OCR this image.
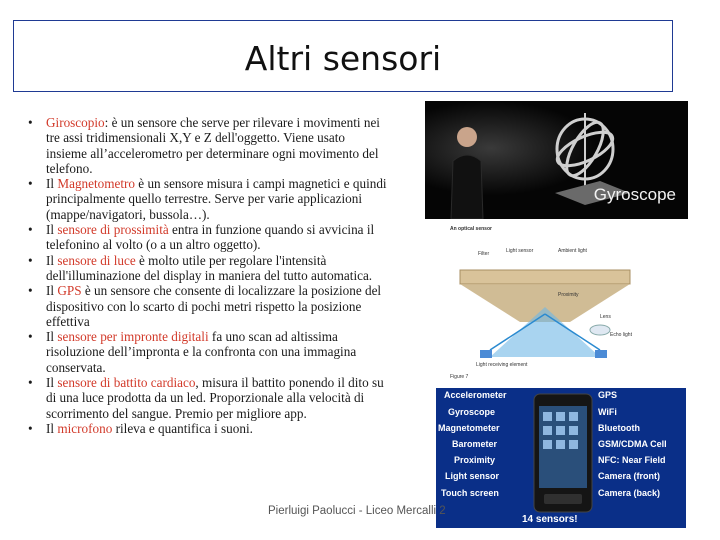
Altri sensori
• Giroscopio: è un sensore che serve per rilevare i movimenti nei tre assi tridimensionali X,Y e Z dell'oggetto. Viene usato insieme all’accelerometro per determinare ogni movimento del telefono.
• Il Magnetometro è un sensore misura i campi magnetici e quindi principalmente quello terrestre. Serve per varie applicazioni (mappe/navigatori, bussola…).
• Il sensore di prossimità entra in funzione quando si avvicina il telefonino al volto (o a un altro oggetto).
• Il sensore di luce è molto utile per regolare l'intensità dell'illuminazione del display in maniera del tutto automatica.
• Il GPS è un sensore che consente di localizzare la posizione del dispositivo con lo scarto di pochi metri rispetto la posizione effettiva
• Il sensore per impronte digitali fa uno scan ad altissima risoluzione dell’impronta e la confronta con una immagina conservata.
• Il sensore di battito cardiaco, misura il battito ponendo il dito su di una luce prodotta da un led. Proporzionale alla velocità di scorrimento del sangue. Premio per migliore app.
• Il microfono rileva e quantifica i suoni.
Gyroscope
An optical sensor
Filter	Ambient light
Light sensor
Proximity
Lens
Echo light
Light receiving element
Figure 7
Accelerometer
Gyroscope
Magnetometer
Barometer
Proximity
Light sensor
Touch screen
GPS
WiFi
Bluetooth
GSM/CDMA Cell
NFC: Near Field
Camera (front)
Camera (back)
14 sensors!
Pierluigi Paolucci - Liceo Mercalli 2
